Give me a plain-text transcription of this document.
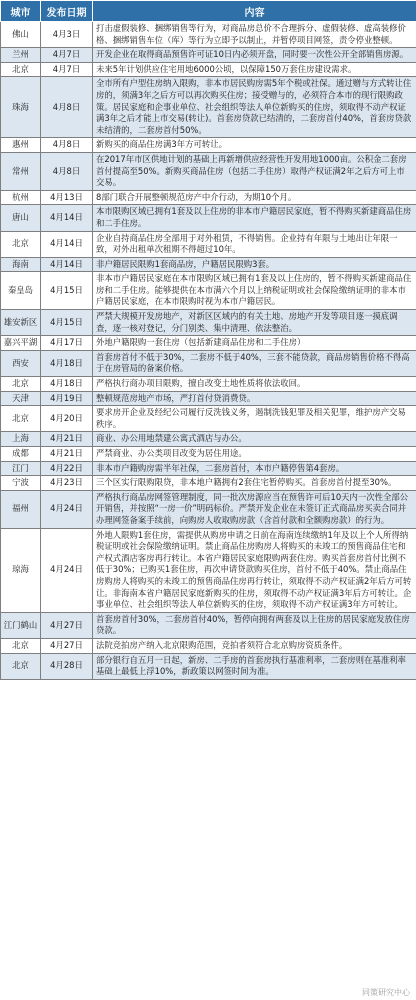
城市	发布日期	内容
佛山	4月3日	打击虚假装修、捆绑销售等行为，对商品房总价不合理拆分、虚假装修、虚高装修价格、捆绑销售车位（库）等行为立即予以制止，并暂停项目网签，责令停业整顿。
兰州	4月7日	开发企业在取得商品预售许可证10日内必须开盘，同时要一次性公开全部销售房源。
北京	4月7日	未来5年计划供应住宅用地6000公顷，以保障150万套住房建设需求。
珠海	4月8日	全市所有户型住房纳入限购，非本市居民购房需5年个税或社保。通过赠与方式转让住房的，须满3年之后方可以再次购买住房；接受赠与的，必须符合本市的现行限购政策。居民家庭和企事业单位、社会组织等法人单位新购买的住房，须取得不动产权证满3年之后才能上市交易(转让)。首套房贷款已结清的，二套房首付40%，首套房贷款未结清的，二套房首付50%。
惠州	4月8日	新购买的商品住房满3年方可转让。
常州	4月8日	在2017年市区供地计划的基础上再新增供应经营性开发用地1000亩。公积金二套房首付提高至50%。新购买商品住房（包括二手住房）取得产权证满2年之后方可上市交易。
杭州	4月13日	8部门联合开展整顿规范房产中介行动，为期10个月。
唐山	4月14日	本市限购区域已拥有1套及以上住房的非本市户籍居民家庭，暂不得购买新建商品住房和二手住房。
北京	4月14日	企业自持商品住房全部用于对外租赁，不得销售。企业持有年限与土地出让年限一致，对外出租单次租期不得超过10年。
海南	4月14日	非户籍居民限购1套商品房，户籍居民限购3套。
秦皇岛	4月15日	非本市户籍居民家庭在本市限购区域已拥有1套及以上住房的，暂不得购买新建商品住房和二手住房。能够提供在本市满六个月以上纳税证明或社会保险缴纳证明的非本市户籍居民家庭，在本市限购时视为本市户籍居民。
雄安新区	4月15日	严禁大规模开发房地产，对新区区域内的有关土地、房地产开发等项目逐一摸底调查，逐一核对登记，分门别类、集中清理、依法整治。
嘉兴平湖	4月17日	外地户籍限购一套住房（包括新建商品住房和二手住房）
西安	4月18日	首套房首付不低于30%，二套房不低于40%，三套不能贷款，商品房销售价格不得高于在房管局的备案价格。
北京	4月18日	严格执行商办项目限购，擅自改变土地性质将依法收回。
天津	4月19日	整顿规范房地产市场，严打首付贷消费贷。
北京	4月20日	要求房开企业及经纪公司履行反洗钱义务，遏制洗钱犯罪及相关犯罪，维护房产交易秩序。
上海	4月21日	商业、办公用地禁建公寓式酒店与办公。
成都	4月21日	严禁商业、办公类项目改变为居住用途。
江门	4月22日	非本市户籍购房需半年社保，二套房首付，本市户籍停售第4套房。
宁波	4月23日	三个区实行限购限贷，非本地户籍拥有2套住宅暂停购买。首套房首付提至30%。
福州	4月24日	严格执行商品房网签管理制度，同一批次房源应当在预售许可后10天内一次性全部公开销售，并按照“一房一价”明码标价。严禁开发企业在未签订正式商品房买卖合同并办理网签备案手续前，向购房人收取购房款（含首付款和全额购房款）的行为。
琼海	4月24日	外地人限购1套住房，需提供从购房申请之日前在海南连续缴纳1年及以上个人所得纳税证明或社会保险缴纳证明。禁止商品住房购房人将购买的未竣工的预售商品住宅和产权式酒店客房再行转让。本省户籍居民家庭限购两套住房。购买首套房首付比例不低于30%；已购买1套住房，再次申请贷款购买住房，首付不低于40%。禁止商品住房购房人将购买的未竣工的预售商品住房再行转让，须取得不动产权证满2年后方可转让。非海南本省户籍居民家庭新购买的住房，须取得不动产权证满3年后方可转让。企事业单位、社会组织等法人单位新购买的住房，须取得不动产权证满3年方可转让。
江门鹤山	4月27日	首套房首付30%，二套房首付40%，暂停向拥有两套及以上住房的居民家庭发放住房贷款。
北京	4月27日	法院竞拍房产纳入北京限购范围，竞拍者须符合北京购房资质条件。
北京	4月28日	部分银行自五月一日起，新房、二手房的首套房执行基准利率，二套房则在基准利率基础上最低上浮10%，新政策以网签时间为准。
同策研究中心
